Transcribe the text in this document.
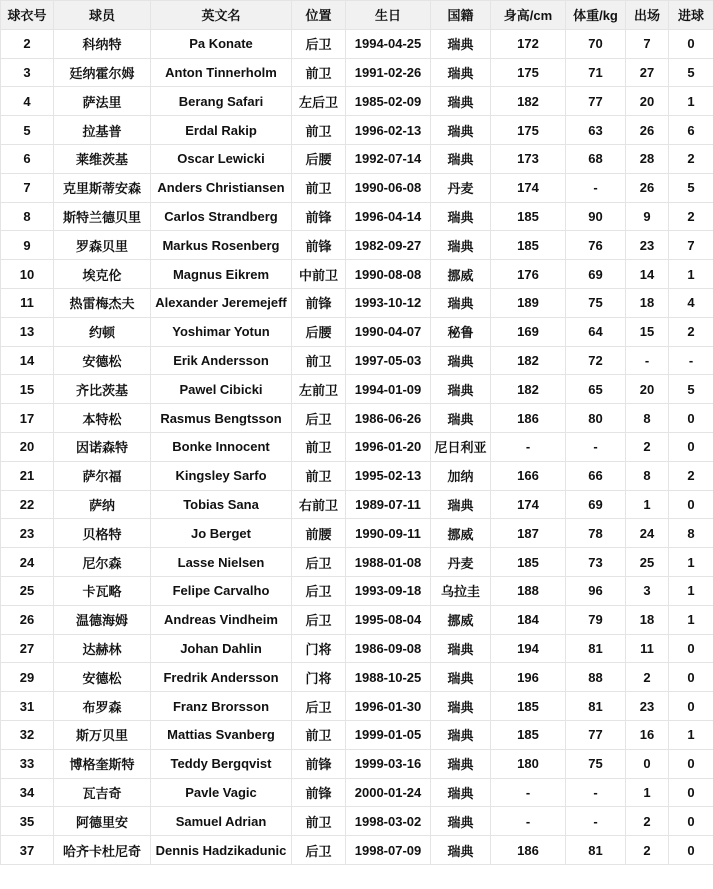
球衣号	球员	英文名	位置	生日	国籍	身高/cm	体重/kg	出场	进球
2	科纳特	Pa Konate	后卫	1994-04-25	瑞典	172	70	7	0
3	廷纳霍尔姆	Anton Tinnerholm	前卫	1991-02-26	瑞典	175	71	27	5
4	萨法里	Berang Safari	左后卫	1985-02-09	瑞典	182	77	20	1
5	拉基普	Erdal Rakip	前卫	1996-02-13	瑞典	175	63	26	6
6	莱维茨基	Oscar Lewicki	后腰	1992-07-14	瑞典	173	68	28	2
7	克里斯蒂安森	Anders Christiansen	前卫	1990-06-08	丹麦	174	-	26	5
8	斯特兰德贝里	Carlos Strandberg	前锋	1996-04-14	瑞典	185	90	9	2
9	罗森贝里	Markus Rosenberg	前锋	1982-09-27	瑞典	185	76	23	7
10	埃克伦	Magnus Eikrem	中前卫	1990-08-08	挪威	176	69	14	1
11	热雷梅杰夫	Alexander Jeremejeff	前锋	1993-10-12	瑞典	189	75	18	4
13	约顿	Yoshimar Yotun	后腰	1990-04-07	秘鲁	169	64	15	2
14	安德松	Erik Andersson	前卫	1997-05-03	瑞典	182	72	-	-
15	齐比茨基	Pawel Cibicki	左前卫	1994-01-09	瑞典	182	65	20	5
17	本特松	Rasmus Bengtsson	后卫	1986-06-26	瑞典	186	80	8	0
20	因诺森特	Bonke Innocent	前卫	1996-01-20	尼日利亚	-	-	2	0
21	萨尔福	Kingsley Sarfo	前卫	1995-02-13	加纳	166	66	8	2
22	萨纳	Tobias Sana	右前卫	1989-07-11	瑞典	174	69	1	0
23	贝格特	Jo Berget	前腰	1990-09-11	挪威	187	78	24	8
24	尼尔森	Lasse Nielsen	后卫	1988-01-08	丹麦	185	73	25	1
25	卡瓦略	Felipe Carvalho	后卫	1993-09-18	乌拉圭	188	96	3	1
26	温德海姆	Andreas Vindheim	后卫	1995-08-04	挪威	184	79	18	1
27	达赫林	Johan Dahlin	门将	1986-09-08	瑞典	194	81	11	0
29	安德松	Fredrik Andersson	门将	1988-10-25	瑞典	196	88	2	0
31	布罗森	Franz Brorsson	后卫	1996-01-30	瑞典	185	81	23	0
32	斯万贝里	Mattias Svanberg	前卫	1999-01-05	瑞典	185	77	16	1
33	博格奎斯特	Teddy Bergqvist	前锋	1999-03-16	瑞典	180	75	0	0
34	瓦吉奇	Pavle Vagic	前锋	2000-01-24	瑞典	-	-	1	0
35	阿德里安	Samuel Adrian	前卫	1998-03-02	瑞典	-	-	2	0
37	哈齐卡杜尼奇	Dennis Hadzikadunic	后卫	1998-07-09	瑞典	186	81	2	0
